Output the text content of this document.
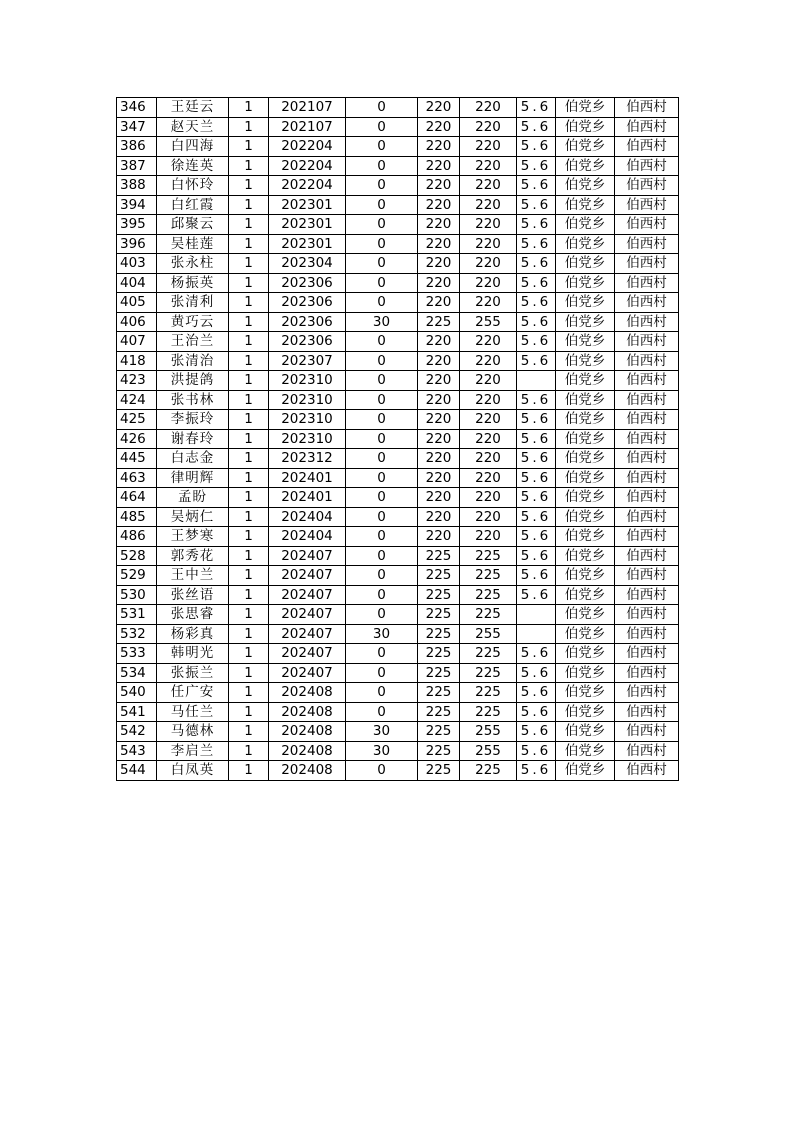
346	王廷云	1	202107	0	220	220	5.6	伯党乡	伯西村
347	赵天兰	1	202107	0	220	220	5.6	伯党乡	伯西村
386	白四海	1	202204	0	220	220	5.6	伯党乡	伯西村
387	徐连英	1	202204	0	220	220	5.6	伯党乡	伯西村
388	白怀玲	1	202204	0	220	220	5.6	伯党乡	伯西村
394	白红霞	1	202301	0	220	220	5.6	伯党乡	伯西村
395	邱聚云	1	202301	0	220	220	5.6	伯党乡	伯西村
396	吴桂莲	1	202301	0	220	220	5.6	伯党乡	伯西村
403	张永柱	1	202304	0	220	220	5.6	伯党乡	伯西村
404	杨振英	1	202306	0	220	220	5.6	伯党乡	伯西村
405	张清利	1	202306	0	220	220	5.6	伯党乡	伯西村
406	黄巧云	1	202306	30	225	255	5.6	伯党乡	伯西村
407	王治兰	1	202306	0	220	220	5.6	伯党乡	伯西村
418	张清治	1	202307	0	220	220	5.6	伯党乡	伯西村
423	洪提鸽	1	202310	0	220	220		伯党乡	伯西村
424	张书林	1	202310	0	220	220	5.6	伯党乡	伯西村
425	李振玲	1	202310	0	220	220	5.6	伯党乡	伯西村
426	谢春玲	1	202310	0	220	220	5.6	伯党乡	伯西村
445	白志金	1	202312	0	220	220	5.6	伯党乡	伯西村
463	律明辉	1	202401	0	220	220	5.6	伯党乡	伯西村
464	孟盼	1	202401	0	220	220	5.6	伯党乡	伯西村
485	吴炳仁	1	202404	0	220	220	5.6	伯党乡	伯西村
486	王梦寒	1	202404	0	220	220	5.6	伯党乡	伯西村
528	郭秀花	1	202407	0	225	225	5.6	伯党乡	伯西村
529	王中兰	1	202407	0	225	225	5.6	伯党乡	伯西村
530	张丝语	1	202407	0	225	225	5.6	伯党乡	伯西村
531	张思睿	1	202407	0	225	225		伯党乡	伯西村
532	杨彩真	1	202407	30	225	255		伯党乡	伯西村
533	韩明光	1	202407	0	225	225	5.6	伯党乡	伯西村
534	张振兰	1	202407	0	225	225	5.6	伯党乡	伯西村
540	任广安	1	202408	0	225	225	5.6	伯党乡	伯西村
541	马任兰	1	202408	0	225	225	5.6	伯党乡	伯西村
542	马德林	1	202408	30	225	255	5.6	伯党乡	伯西村
543	李启兰	1	202408	30	225	255	5.6	伯党乡	伯西村
544	白凤英	1	202408	0	225	225	5.6	伯党乡	伯西村
